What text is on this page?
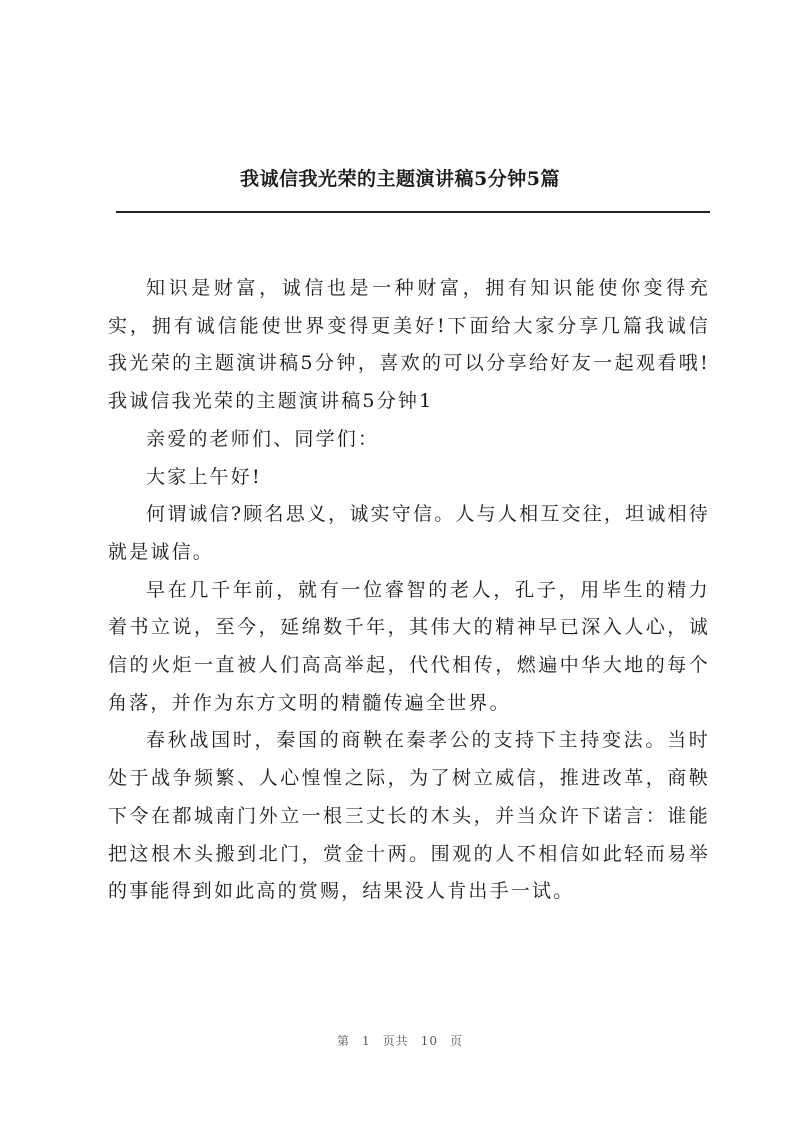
我诚信我光荣的主题演讲稿5分钟5篇

知识是财富，诚信也是一种财富，拥有知识能使你变得充实，拥有诚信能使世界变得更美好!下面给大家分享几篇我诚信我光荣的主题演讲稿5分钟，喜欢的可以分享给好友一起观看哦!我诚信我光荣的主题演讲稿5分钟1

亲爱的老师们、同学们：

大家上午好!

何谓诚信?顾名思义，诚实守信。人与人相互交往，坦诚相待就是诚信。

早在几千年前，就有一位睿智的老人，孔子，用毕生的精力着书立说，至今，延绵数千年，其伟大的精神早已深入人心，诚信的火炬一直被人们高高举起，代代相传，燃遍中华大地的每个角落，并作为东方文明的精髓传遍全世界。

春秋战国时，秦国的商鞅在秦孝公的支持下主持变法。当时处于战争频繁、人心惶惶之际，为了树立威信，推进改革，商鞅下令在都城南门外立一根三丈长的木头，并当众许下诺言：谁能把这根木头搬到北门，赏金十两。围观的人不相信如此轻而易举的事能得到如此高的赏赐，结果没人肯出手一试。

第 1 页共 10 页
